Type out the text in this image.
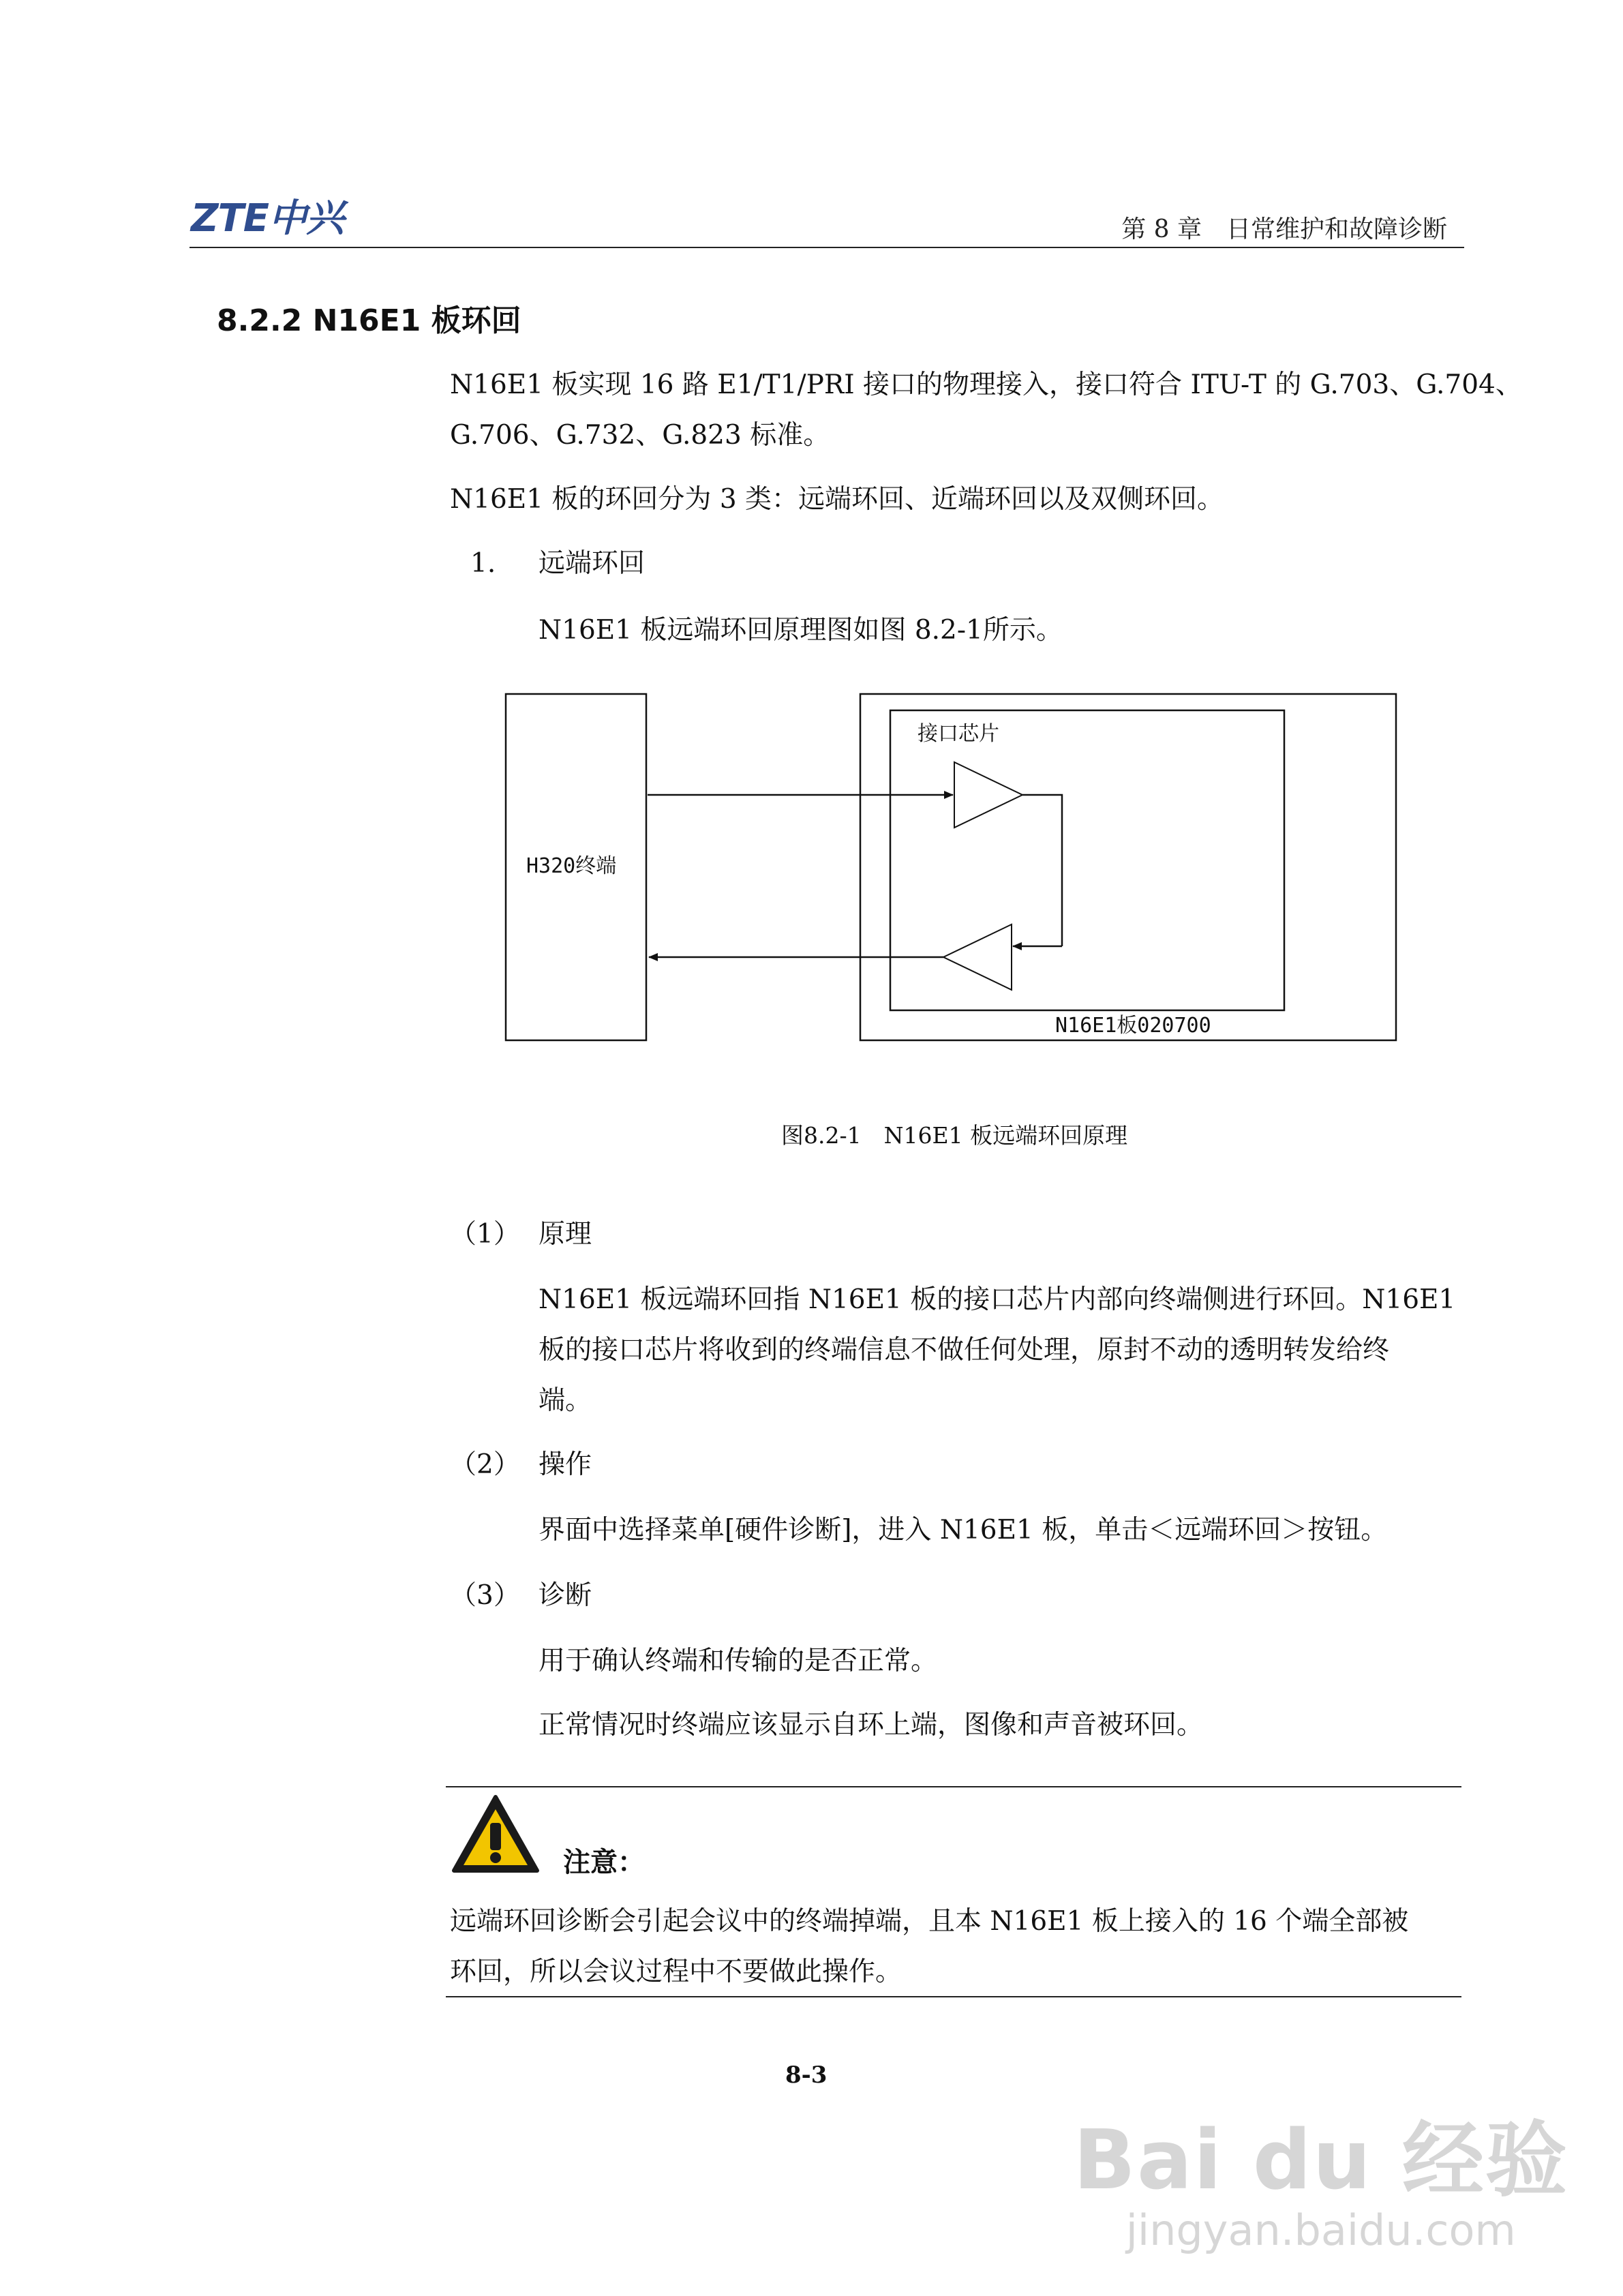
ZTE中兴	第 8 章　日常维护和故障诊断
8.2.2 N16E1 板环回
N16E1 板实现 16 路 E1/T1/PRI 接口的物理接入，接口符合 ITU-T 的 G.703、G.704、
G.706、G.732、G.823 标准。
N16E1 板的环回分为 3 类：远端环回、近端环回以及双侧环回。
1. 远端环回
N16E1 板远端环回原理图如图 8.2-1所示。
H320终端
接口芯片
N16E1板020700
图8.2-1　N16E1 板远端环回原理
（1） 原理
N16E1 板远端环回指 N16E1 板的接口芯片内部向终端侧进行环回。N16E1
板的接口芯片将收到的终端信息不做任何处理，原封不动的透明转发给终
端。
（2） 操作
界面中选择菜单[硬件诊断]，进入 N16E1 板，单击＜远端环回＞按钮。
（3） 诊断
用于确认终端和传输的是否正常。
正常情况时终端应该显示自环上端，图像和声音被环回。
注意：
远端环回诊断会引起会议中的终端掉端，且本 N16E1 板上接入的 16 个端全部被
环回，所以会议过程中不要做此操作。
8-3
Bai du 经验
jingyan.baidu.com
